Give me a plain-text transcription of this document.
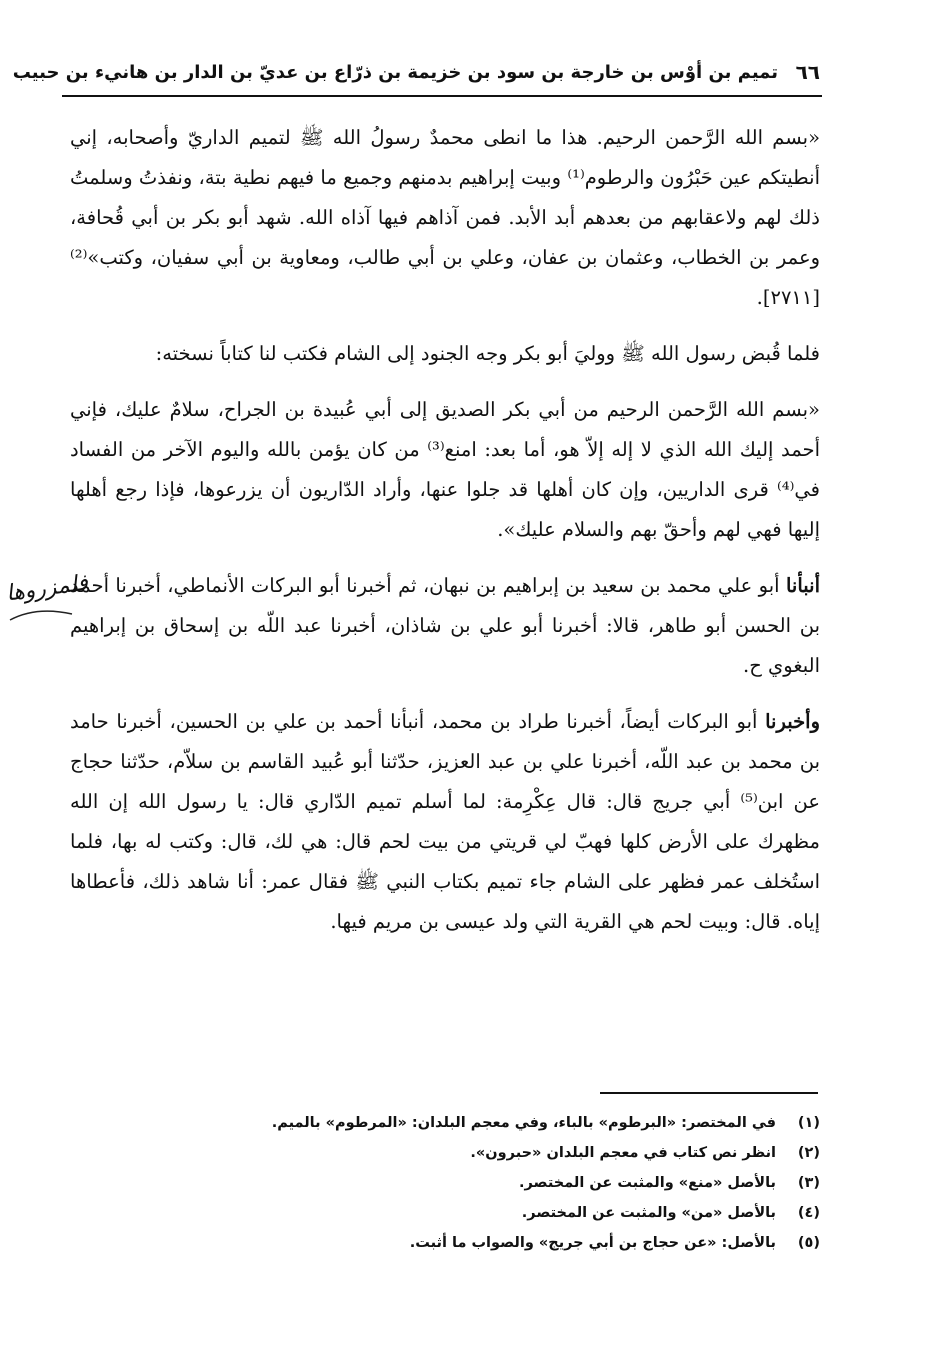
٦٦
تميم بن أوْس بن خارجة بن سود بن خزيمة بن ذرّاع بن عديّ بن الدار بن هانيء بن حبيب

«بسم الله الرَّحمن الرحيم. هذا ما انطى محمدٌ رسولُ الله ﷺ لتميم الداريّ وأصحابه، إني أنطيتكم عين حَبْرُون والرطوم⁽¹⁾ وبيت إبراهيم بدمنهم وجميع ما فيهم نطية بتة، ونفذتُ وسلمتُ ذلك لهم ولاعقابهم من بعدهم أبد الأبد. فمن آذاهم فيها آذاه الله. شهد أبو بكر بن أبي قُحافة، وعمر بن الخطاب، وعثمان بن عفان، وعلي بن أبي طالب، ومعاوية بن أبي سفيان، وكتب»⁽²⁾[٢٧١١].

فلما قُبض رسول الله ﷺ ووليَ أبو بكر وجه الجنود إلى الشام فكتب لنا كتاباً نسخته:

«بسم الله الرَّحمن الرحيم من أبي بكر الصديق إلى أبي عُبيدة بن الجراح، سلامٌ عليك، فإني أحمد إليك الله الذي لا إله إلاّ هو، أما بعد: امنع⁽³⁾ من كان يؤمن بالله واليوم الآخر من الفساد في⁽⁴⁾ قرى الداريين، وإن كان أهلها قد جلوا عنها، وأراد الدّاريون أن يزرعوها، فإذا رجع أهلها إليها فهي لهم وأحقّ بهم والسلام عليك».

أنبأنا أبو علي محمد بن سعيد بن إبراهيم بن نبهان، ثم أخبرنا أبو البركات الأنماطي، أخبرنا أحمد بن الحسن أبو طاهر، قالا: أخبرنا أبو علي بن شاذان، أخبرنا عبد اللّه بن إسحاق بن إبراهيم البغوي ح.

وأخبرنا أبو البركات أيضاً، أخبرنا طراد بن محمد، أنبأنا أحمد بن علي بن الحسين، أخبرنا حامد بن محمد بن عبد اللّه، أخبرنا علي بن عبد العزيز، حدّثنا أبو عُبيد القاسم بن سلاّم، حدّثنا حجاج عن ابن⁽⁵⁾ أبي جريج قال: قال عِكْرِمة: لما أسلم تميم الدّاري قال: يا رسول الله إن الله مظهرك على الأرض كلها فهبّ لي قريتي من بيت لحم قال: هي لك، قال: وكتب له بها، فلما استُخلف عمر فظهر على الشام جاء تميم بكتاب النبي ﷺ فقال عمر: أنا شاهد ذلك، فأعطاها إياه. قال: وبيت لحم هي القرية التي ولد عيسى بن مريم فيها.

فلمزروها
(١)
في المختصر: «البرطوم» بالباء، وفي معجم البلدان: «المرطوم» بالميم.
(٢)
انظر نص كتاب في معجم البلدان «حبرون».
(٣)
بالأصل «منع» والمثبت عن المختصر.
(٤)
بالأصل «من» والمثبت عن المختصر.
(٥)
بالأصل: «عن حجاج بن أبي جريج» والصواب ما أثبت.
